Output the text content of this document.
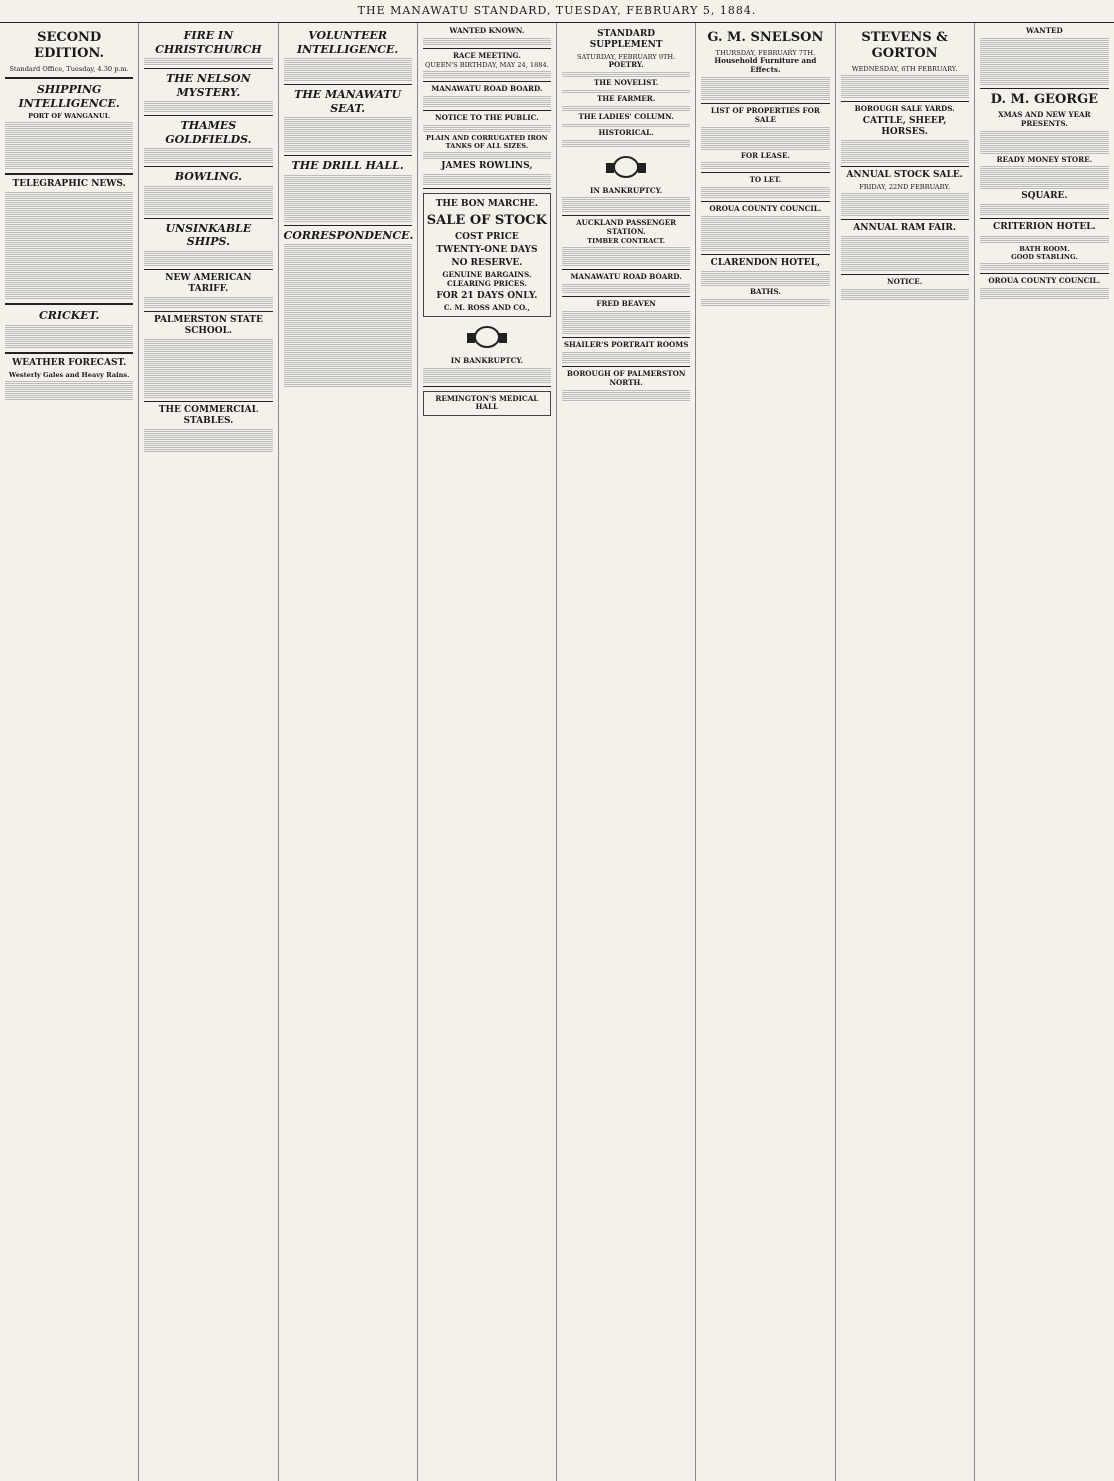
THE MANAWATU STANDARD, TUESDAY, FEBRUARY 5, 1884.
SECOND EDITION.
Standard Office, Tuesday, 4.30 p.m.
SHIPPING INTELLIGENCE.
PORT OF WANGANUI.
TELEGRAPHIC NEWS.
CRICKET.
WEATHER FORECAST.
Westerly Gales and Heavy Rains.
FIRE IN CHRISTCHURCH
THE NELSON MYSTERY.
THAMES GOLDFIELDS.
BOWLING.
UNSINKABLE SHIPS.
NEW AMERICAN TARIFF.
PALMERSTON STATE SCHOOL.
THE COMMERCIAL STABLES.
VOLUNTEER INTELLIGENCE.
THE MANAWATU SEAT.
THE DRILL HALL.
CORRESPONDENCE.
WANTED KNOWN.
RACE MEETING.
QUEEN'S BIRTHDAY, MAY 24, 1884.
MANAWATU ROAD BOARD.
NOTICE TO THE PUBLIC.
PLAIN AND CORRUGATED IRON TANKS OF ALL SIZES.
JAMES ROWLINS,
THE BON MARCHE.
SALE OF STOCK
COST PRICE
TWENTY-ONE DAYS
NO RESERVE.
GENUINE BARGAINS.
CLEARING PRICES.
FOR 21 DAYS ONLY.
C. M. ROSS AND CO.,
IN BANKRUPTCY.
REMINGTON'S MEDICAL HALL
STANDARD SUPPLEMENT
SATURDAY, FEBRUARY 9TH.
POETRY.
THE NOVELIST.
THE FARMER.
THE LADIES' COLUMN.
HISTORICAL.
IN BANKRUPTCY.
AUCKLAND PASSENGER STATION.
TIMBER CONTRACT.
MANAWATU ROAD BOARD.
FRED BEAVEN
SHAILER'S PORTRAIT ROOMS
BOROUGH OF PALMERSTON NORTH.
G. M. SNELSON
THURSDAY, FEBRUARY 7TH.
Household Furniture and Effects.
LIST OF PROPERTIES FOR SALE
FOR LEASE.
TO LET.
OROUA COUNTY COUNCIL.
CLARENDON HOTEL,
BATHS.
STEVENS & GORTON
WEDNESDAY, 6TH FEBRUARY.
BOROUGH SALE YARDS.
CATTLE, SHEEP, HORSES.
ANNUAL STOCK SALE.
FRIDAY, 22ND FEBRUARY.
ANNUAL RAM FAIR.
NOTICE.
WANTED
D. M. GEORGE
XMAS AND NEW YEAR PRESENTS.
READY MONEY STORE.
SQUARE.
CRITERION HOTEL.
BATH ROOM.
GOOD STABLING.
OROUA COUNTY COUNCIL.
